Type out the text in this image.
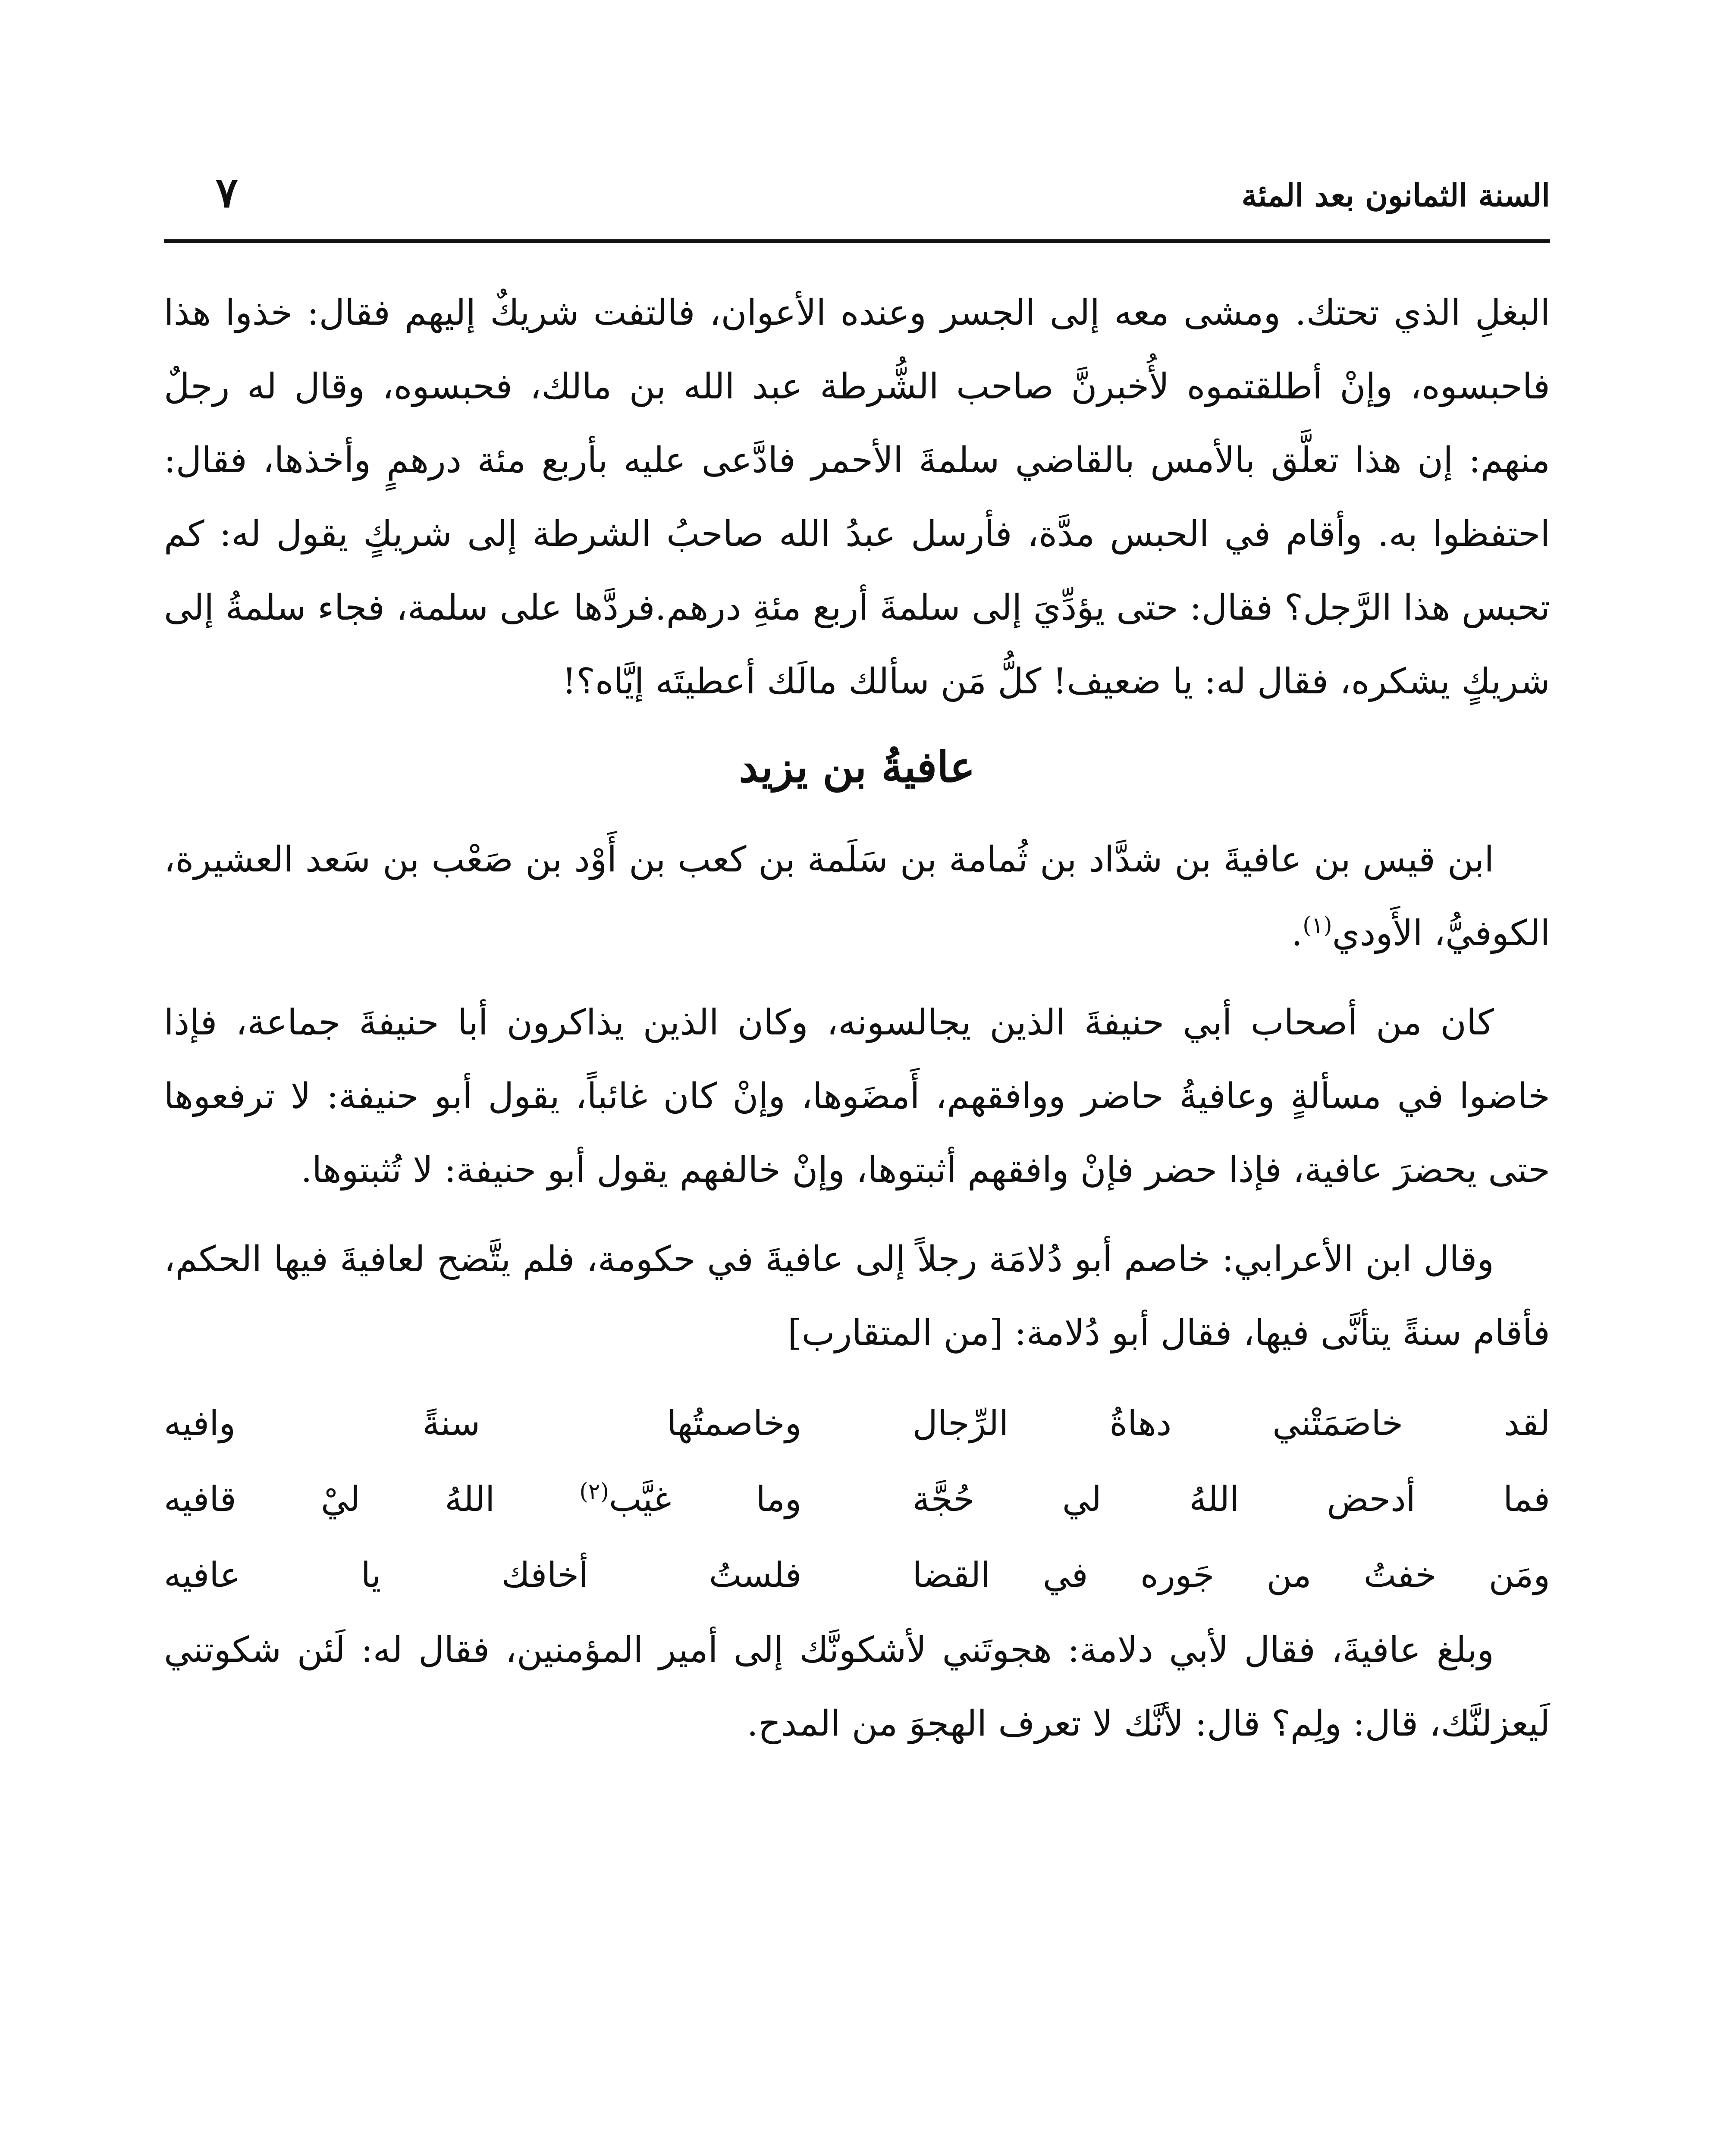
السنة الثمانون بعد المئة
٧

البغلِ الذي تحتك. ومشى معه إلى الجسر وعنده الأعوان، فالتفت شريكٌ إليهم فقال: خذوا هذا فاحبسوه، وإنْ أطلقتموه لأُخبرنَّ صاحب الشُّرطة عبد الله بن مالك، فحبسوه، وقال له رجلٌ منهم: إن هذا تعلَّق بالأمس بالقاضي سلمةَ الأحمر فادَّعى عليه بأربع مئة درهمٍ وأخذها، فقال: احتفظوا به. وأقام في الحبس مدَّة، فأرسل عبدُ الله صاحبُ الشرطة إلى شريكٍ يقول له: كم تحبس هذا الرَّجل؟ فقال: حتى يؤدِّيَ إلى سلمةَ أربع مئةِ درهم.فردَّها على سلمة، فجاء سلمةُ إلى شريكٍ يشكره، فقال له: يا ضعيف! كلُّ مَن سألك مالَك أعطيتَه إيَّاه؟!

عافيةُ بن يزيد

ابن قيس بن عافيةَ بن شدَّاد بن ثُمامة بن سَلَمة بن كعب بن أَوْد بن صَعْب بن سَعد العشيرة، الكوفيُّ، الأَودي$^{(١)}$.

كان من أصحاب أبي حنيفةَ الذين يجالسونه، وكان الذين يذاكرون أبا حنيفةَ جماعة، فإذا خاضوا في مسألةٍ وعافيةُ حاضر ووافقهم، أَمضَوها، وإنْ كان غائباً، يقول أبو حنيفة: لا ترفعوها حتى يحضرَ عافية، فإذا حضر فإنْ وافقهم أثبتوها، وإنْ خالفهم يقول أبو حنيفة: لا تُثبتوها.

وقال ابن الأعرابي: خاصم أبو دُلامَة رجلاً إلى عافيةَ في حكومة، فلم يتَّضح لعافيةَ فيها الحكم، فأقام سنةً يتأنَّى فيها، فقال أبو دُلامة: [من المتقارب]

لقد خاصَمَتْني دهاةُ الرِّجال
وخاصمتُها سنةً وافيه
فما أدحض اللهُ لي حُجَّة
وما غيَّب$^{(٢)}$ اللهُ ليْ قافيه
ومَن خفتُ من جَوره في القضا
فلستُ أخافك يا عافيه

وبلغ عافيةَ، فقال لأبي دلامة: هجوتَني لأشكونَّك إلى أمير المؤمنين، فقال له: لَئن شكوتني لَيعزلنَّك، قال: ولِم؟ قال: لأنَّك لا تعرف الهجوَ من المدح.
